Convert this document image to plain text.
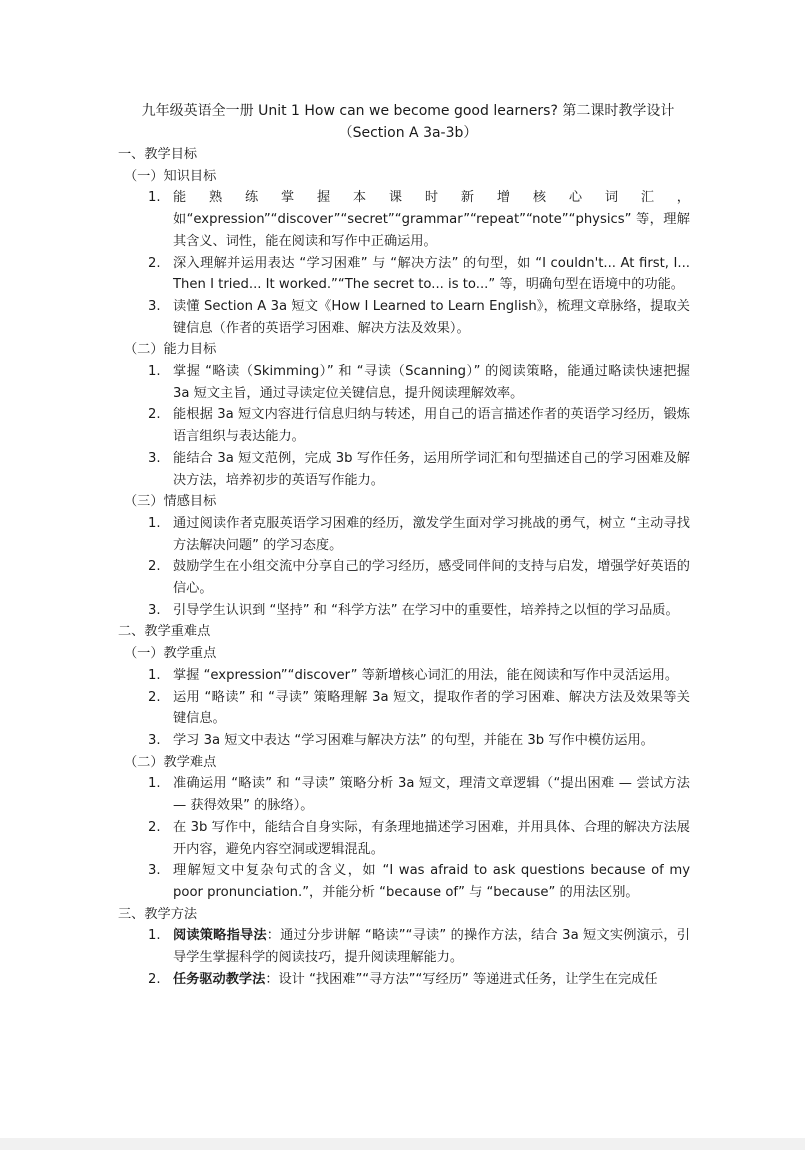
九年级英语全一册 Unit 1 How can we become good learners? 第二课时教学设计
（Section A 3a-3b）
一、教学目标
（一）知识目标
1. 能熟练掌握本课时新增核心词汇，如“expression”“discover”“secret”“grammar”“repeat”“note”“physics” 等，理解其含义、词性，能在阅读和写作中正确运用。
2. 深入理解并运用表达 “学习困难” 与 “解决方法” 的句型，如 “I couldn't... At first, I... Then I tried... It worked.”“The secret to... is to...” 等，明确句型在语境中的功能。
3. 读懂 Section A 3a 短文《How I Learned to Learn English》，梳理文章脉络，提取关键信息（作者的英语学习困难、解决方法及效果）。
（二）能力目标
1. 掌握 “略读（Skimming）” 和 “寻读（Scanning）” 的阅读策略，能通过略读快速把握 3a 短文主旨，通过寻读定位关键信息，提升阅读理解效率。
2. 能根据 3a 短文内容进行信息归纳与转述，用自己的语言描述作者的英语学习经历，锻炼语言组织与表达能力。
3. 能结合 3a 短文范例，完成 3b 写作任务，运用所学词汇和句型描述自己的学习困难及解决方法，培养初步的英语写作能力。
（三）情感目标
1. 通过阅读作者克服英语学习困难的经历，激发学生面对学习挑战的勇气，树立 “主动寻找方法解决问题” 的学习态度。
2. 鼓励学生在小组交流中分享自己的学习经历，感受同伴间的支持与启发，增强学好英语的信心。
3. 引导学生认识到 “坚持” 和 “科学方法” 在学习中的重要性，培养持之以恒的学习品质。
二、教学重难点
（一）教学重点
1. 掌握 “expression”“discover” 等新增核心词汇的用法，能在阅读和写作中灵活运用。
2. 运用 “略读” 和 “寻读” 策略理解 3a 短文，提取作者的学习困难、解决方法及效果等关键信息。
3. 学习 3a 短文中表达 “学习困难与解决方法” 的句型，并能在 3b 写作中模仿运用。
（二）教学难点
1. 准确运用 “略读” 和 “寻读” 策略分析 3a 短文，理清文章逻辑（“提出困难 — 尝试方法 — 获得效果” 的脉络）。
2. 在 3b 写作中，能结合自身实际，有条理地描述学习困难，并用具体、合理的解决方法展开内容，避免内容空洞或逻辑混乱。
3. 理解短文中复杂句式的含义，如 “I was afraid to ask questions because of my poor pronunciation.”，并能分析 “because of” 与 “because” 的用法区别。
三、教学方法
1. 阅读策略指导法：通过分步讲解 “略读”“寻读” 的操作方法，结合 3a 短文实例演示，引导学生掌握科学的阅读技巧，提升阅读理解能力。
2. 任务驱动教学法：设计 “找困难”“寻方法”“写经历” 等递进式任务，让学生在完成任
